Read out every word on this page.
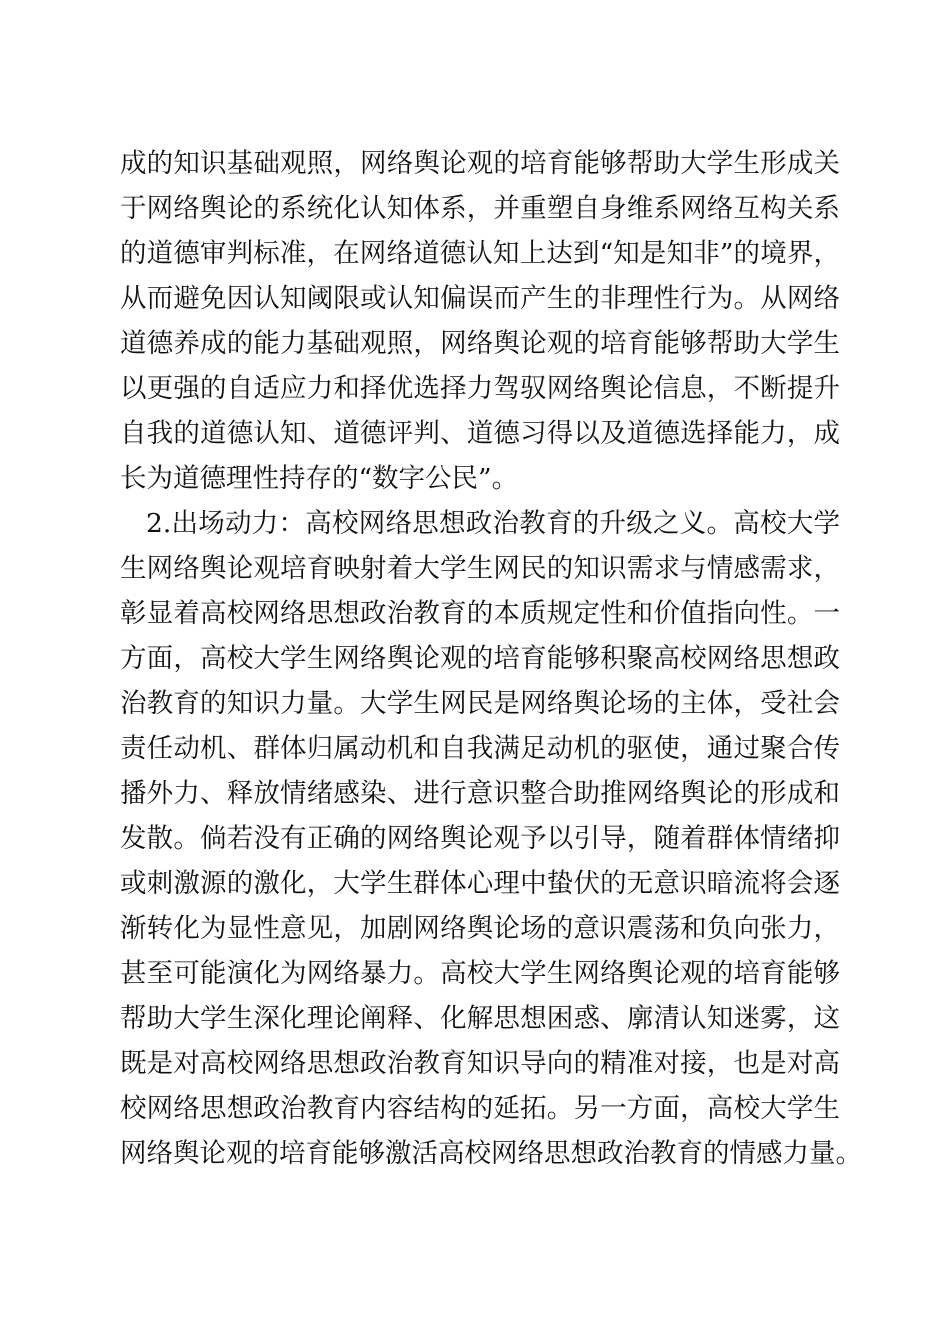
成的知识基础观照，网络舆论观的培育能够帮助大学生形成关
于网络舆论的系统化认知体系，并重塑自身维系网络互构关系
的道德审判标准，在网络道德认知上达到“知是知非”的境界，
从而避免因认知阈限或认知偏误而产生的非理性行为。从网络
道德养成的能力基础观照，网络舆论观的培育能够帮助大学生
以更强的自适应力和择优选择力驾驭网络舆论信息，不断提升
自我的道德认知、道德评判、道德习得以及道德选择能力，成
长为道德理性持存的“数字公民”。
2.出场动力：高校网络思想政治教育的升级之义。高校大学
生网络舆论观培育映射着大学生网民的知识需求与情感需求，
彰显着高校网络思想政治教育的本质规定性和价值指向性。一
方面，高校大学生网络舆论观的培育能够积聚高校网络思想政
治教育的知识力量。大学生网民是网络舆论场的主体，受社会
责任动机、群体归属动机和自我满足动机的驱使，通过聚合传
播外力、释放情绪感染、进行意识整合助推网络舆论的形成和
发散。倘若没有正确的网络舆论观予以引导，随着群体情绪抑
或刺激源的激化，大学生群体心理中蛰伏的无意识暗流将会逐
渐转化为显性意见，加剧网络舆论场的意识震荡和负向张力，
甚至可能演化为网络暴力。高校大学生网络舆论观的培育能够
帮助大学生深化理论阐释、化解思想困惑、廓清认知迷雾，这
既是对高校网络思想政治教育知识导向的精准对接，也是对高
校网络思想政治教育内容结构的延拓。另一方面，高校大学生
网络舆论观的培育能够激活高校网络思想政治教育的情感力量。
